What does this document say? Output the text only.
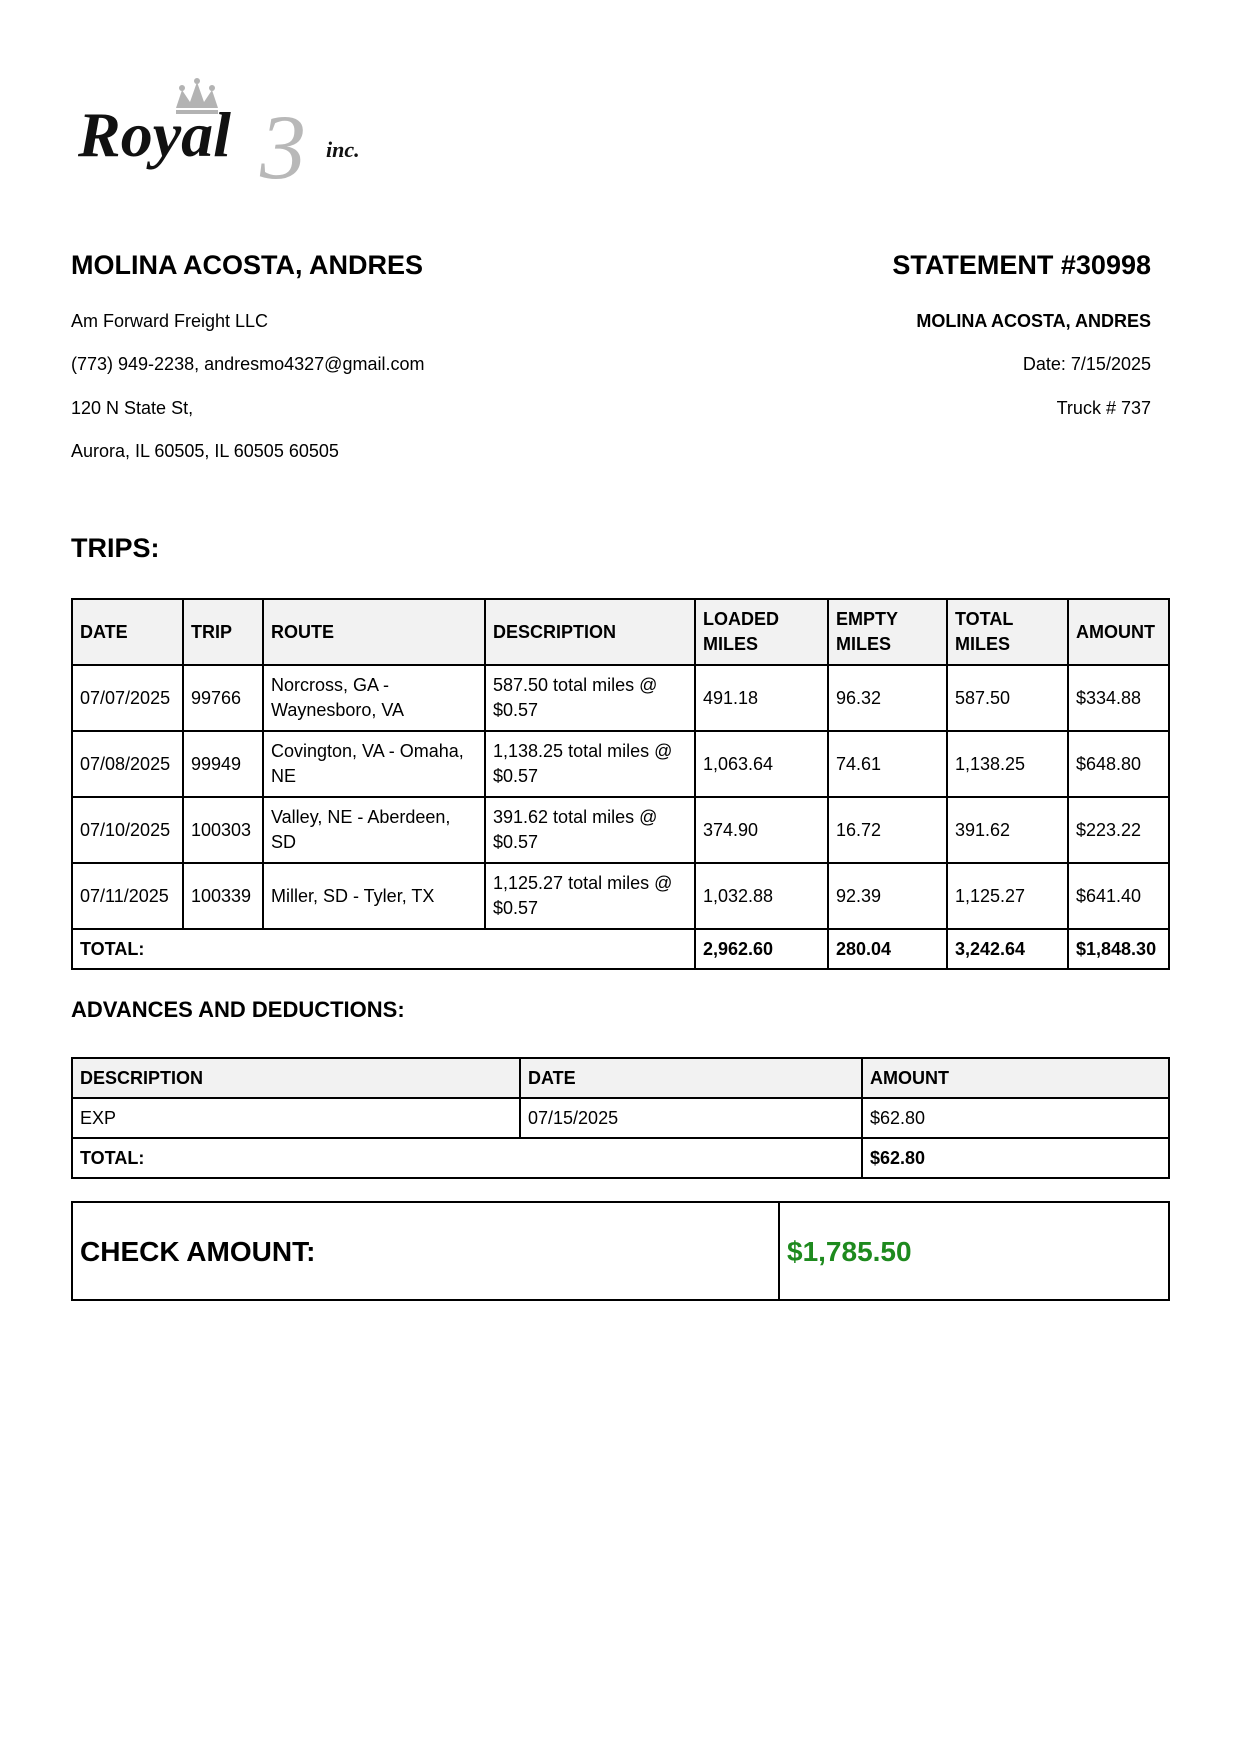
3
Royal	inc.
MOLINA ACOSTA, ANDRES	STATEMENT #30998
Am Forward Freight LLC
(773) 949-2238, andresmo4327@gmail.com
120 N State St,
Aurora, IL 60505, IL 60505 60505
MOLINA ACOSTA, ANDRES
Date: 7/15/2025
Truck # 737
TRIPS:
DATE	TRIP	ROUTE	DESCRIPTION	LOADED MILES	EMPTY MILES	TOTAL MILES	AMOUNT
07/07/2025	99766	Norcross, GA - Waynesboro, VA	587.50 total miles @ $0.57	491.18	96.32	587.50	$334.88
07/08/2025	99949	Covington, VA - Omaha, NE	1,138.25 total miles @ $0.57	1,063.64	74.61	1,138.25	$648.80
07/10/2025	100303	Valley, NE - Aberdeen, SD	391.62 total miles @ $0.57	374.90	16.72	391.62	$223.22
07/11/2025	100339	Miller, SD - Tyler, TX	1,125.27 total miles @ $0.57	1,032.88	92.39	1,125.27	$641.40
TOTAL:				2,962.60	280.04	3,242.64	$1,848.30
ADVANCES AND DEDUCTIONS:
DESCRIPTION	DATE	AMOUNT
EXP	07/15/2025	$62.80
TOTAL:		$62.80
CHECK AMOUNT:	$1,785.50
